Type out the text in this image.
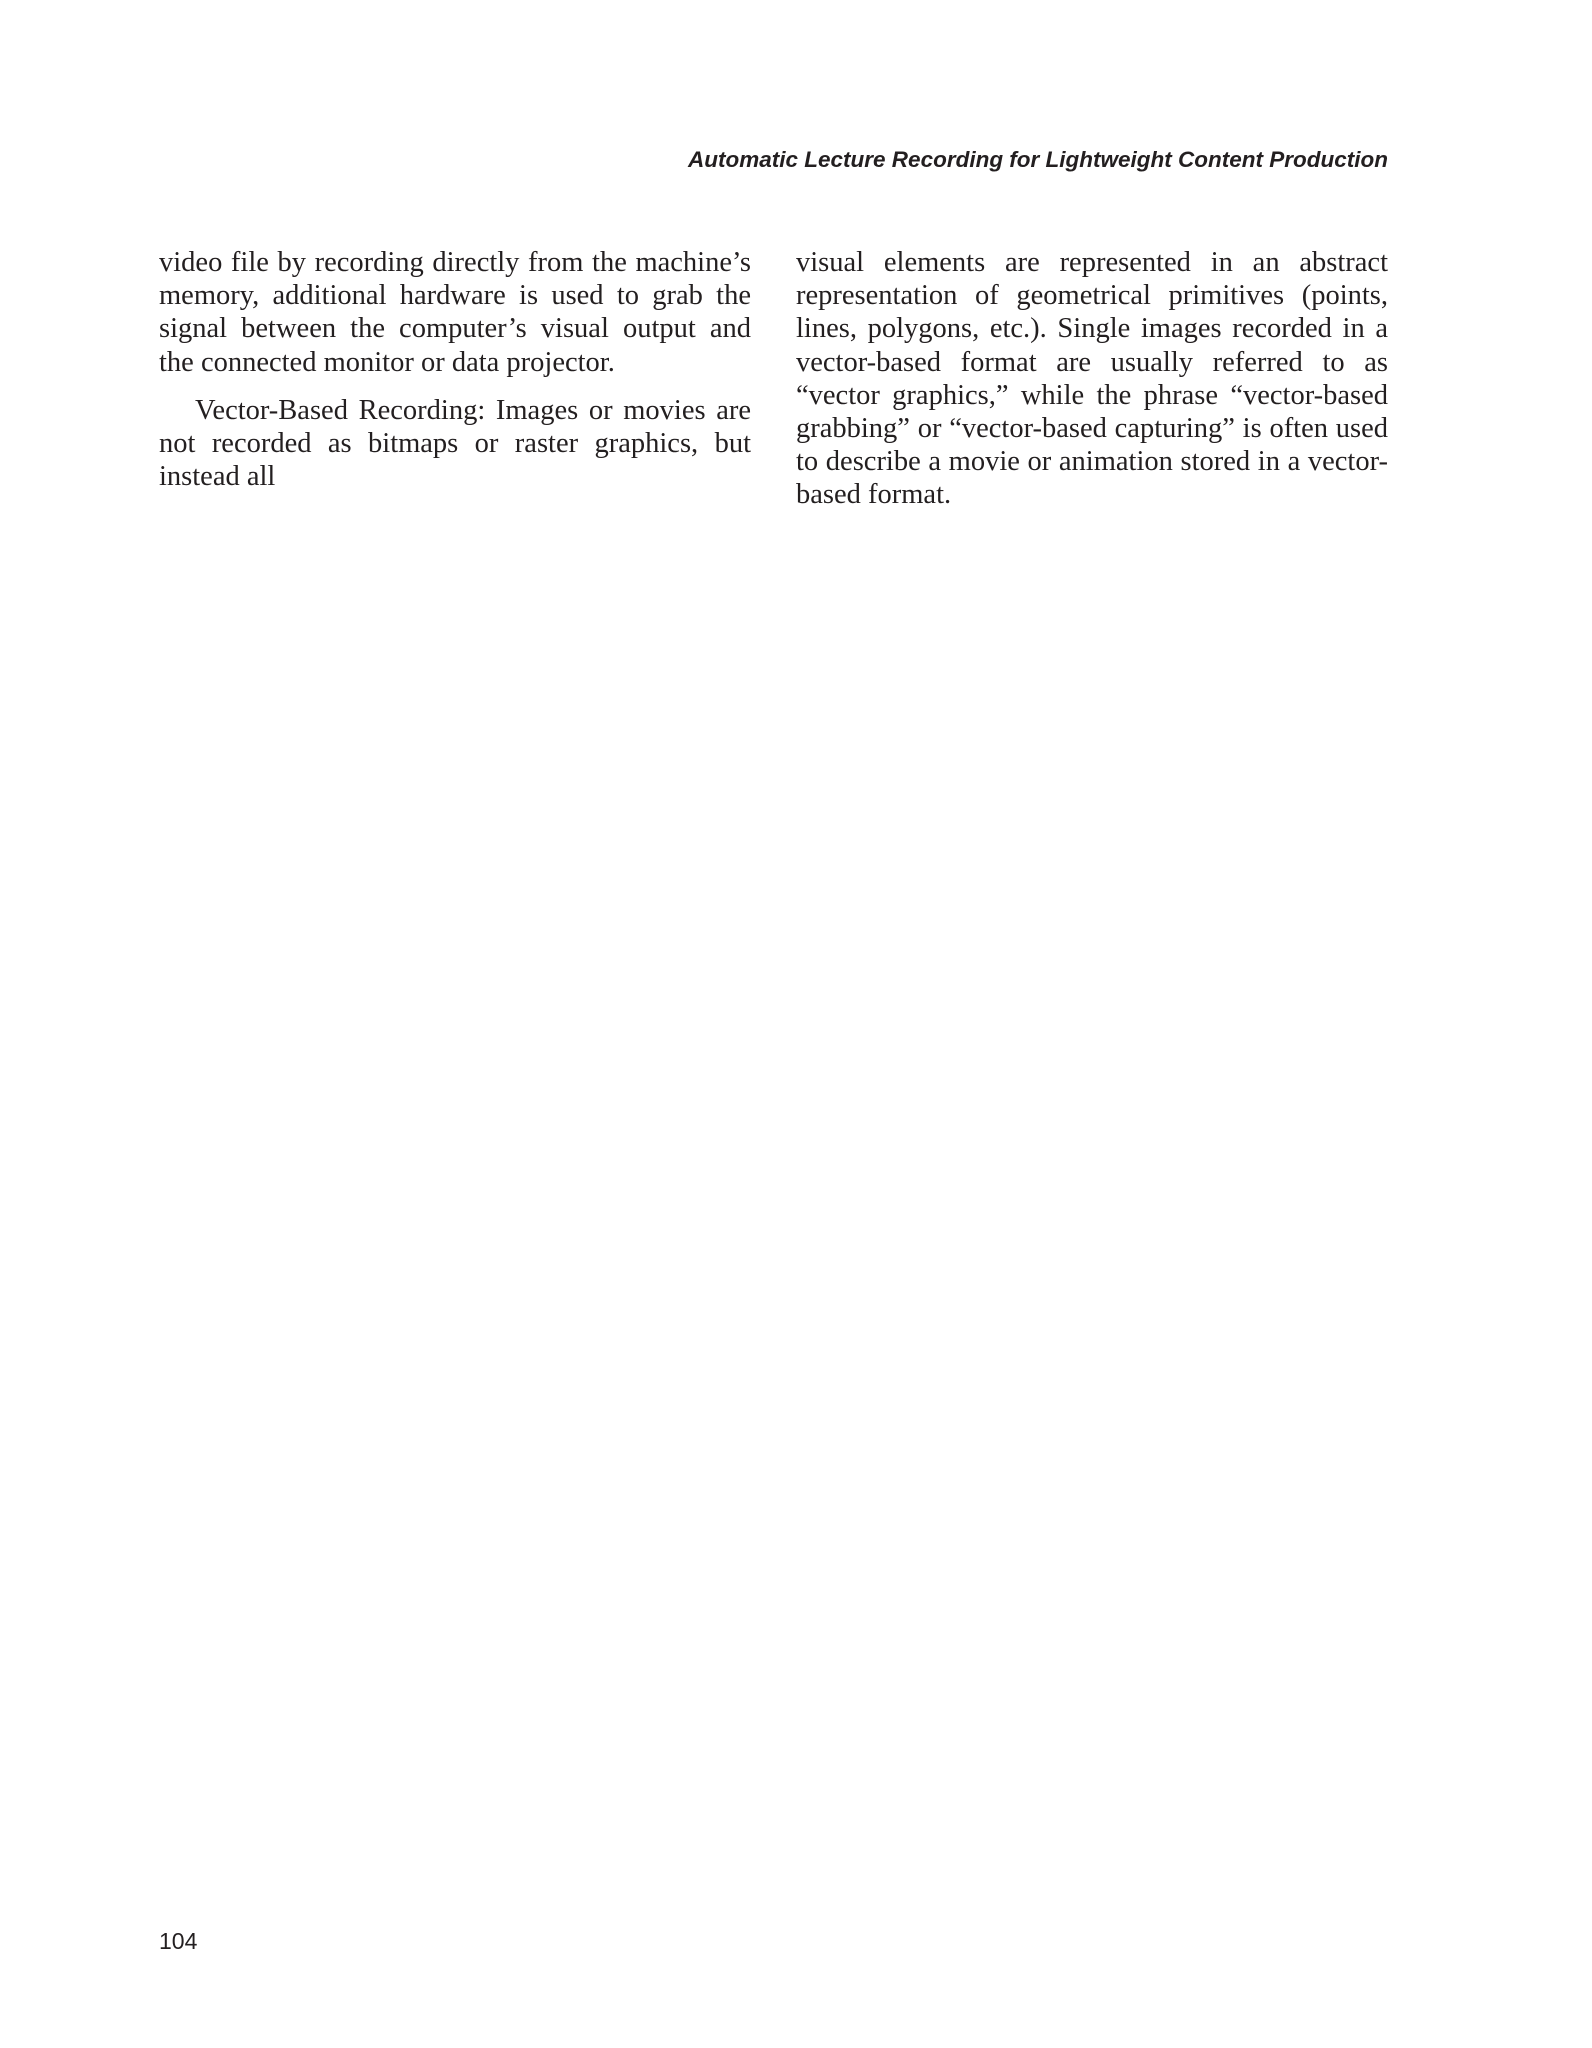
Automatic Lecture Recording for Lightweight Content Production

video file by recording directly from the machine’s memory, additional hardware is used to grab the signal between the computer’s visual output and the connected monitor or data projector.

Vector-Based Recording: Images or movies are not recorded as bitmaps or raster graphics, but instead all

visual elements are represented in an abstract representation of geometrical primitives (points, lines, polygons, etc.). Single images recorded in a vector-based format are usually referred to as “vector graphics,” while the phrase “vector-based grabbing” or “vector-based capturing” is often used to describe a movie or animation stored in a vector-based format.

104
